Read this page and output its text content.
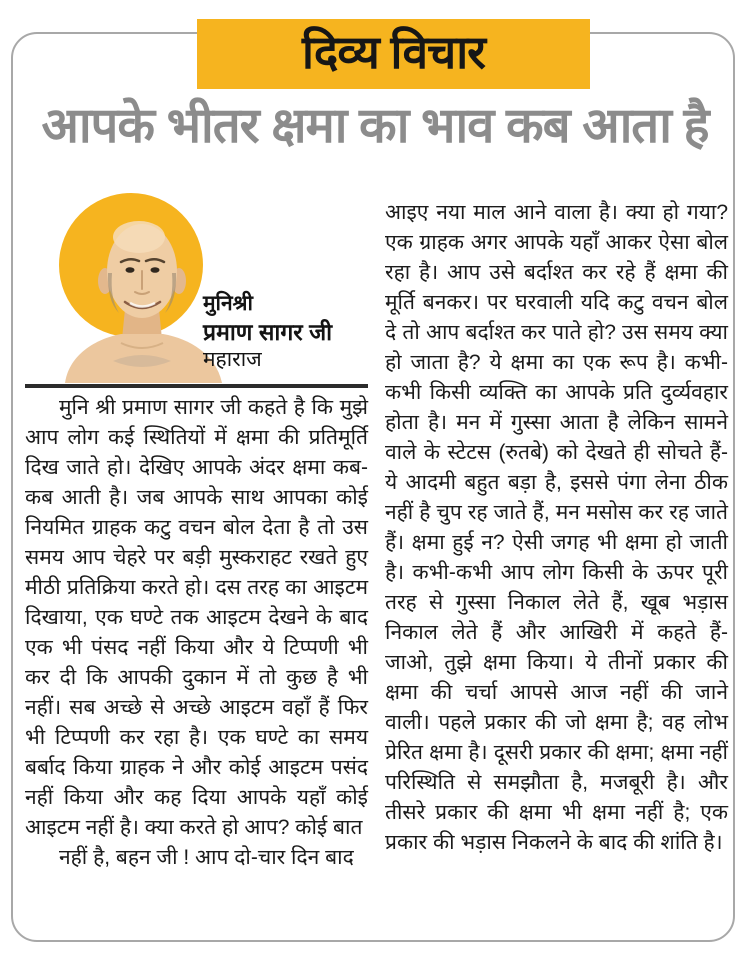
दिव्य विचार
आपके भीतर क्षमा का भाव कब आता है
मुनिश्री
प्रमाण सागर जी
महाराज

मुनि श्री प्रमाण सागर जी कहते है कि मुझे आप लोग कई स्थितियों में क्षमा की प्रतिमूर्ति दिख जाते हो। देखिए आपके अंदर क्षमा कब-कब आती है। जब आपके साथ आपका कोई नियमित ग्राहक कटु वचन बोल देता है तो उस समय आप चेहरे पर बड़ी मुस्कराहट रखते हुए मीठी प्रतिक्रिया करते हो। दस तरह का आइटम दिखाया, एक घण्टे तक आइटम देखने के बाद एक भी पंसद नहीं किया और ये टिप्पणी भी कर दी कि आपकी दुकान में तो कुछ है भी नहीं। सब अच्छे से अच्छे आइटम वहाँ हैं फिर भी टिप्पणी कर रहा है। एक घण्टे का समय बर्बाद किया ग्राहक ने और कोई आइटम पसंद नहीं किया और कह दिया आपके यहाँ कोई आइटम नहीं है। क्या करते हो आप? कोई बात

नहीं है, बहन जी ! आप दो-चार दिन बाद

आइए नया माल आने वाला है। क्या हो गया? एक ग्राहक अगर आपके यहाँ आकर ऐसा बोल रहा है। आप उसे बर्दाश्त कर रहे हैं क्षमा की मूर्ति बनकर। पर घरवाली यदि कटु वचन बोल दे तो आप बर्दाश्त कर पाते हो? उस समय क्या हो जाता है? ये क्षमा का एक रूप है। कभी-कभी किसी व्यक्ति का आपके प्रति दुर्व्यवहार होता है। मन में गुस्सा आता है लेकिन सामने वाले के स्टेटस (रुतबे) को देखते ही सोचते हैं- ये आदमी बहुत बड़ा है, इससे पंगा लेना ठीक नहीं है चुप रह जाते हैं, मन मसोस कर रह जाते हैं। क्षमा हुई न? ऐसी जगह भी क्षमा हो जाती है। कभी-कभी आप लोग किसी के ऊपर पूरी तरह से गुस्सा निकाल लेते हैं, खूब भड़ास निकाल लेते हैं और आखिरी में कहते हैं- जाओ, तुझे क्षमा किया। ये तीनों प्रकार की क्षमा की चर्चा आपसे आज नहीं की जाने वाली। पहले प्रकार की जो क्षमा है; वह लोभ प्रेरित क्षमा है। दूसरी प्रकार की क्षमा; क्षमा नहीं परिस्थिति से समझौता है, मजबूरी है। और तीसरे प्रकार की क्षमा भी क्षमा नहीं है; एक प्रकार की भड़ास निकलने के बाद की शांति है।
